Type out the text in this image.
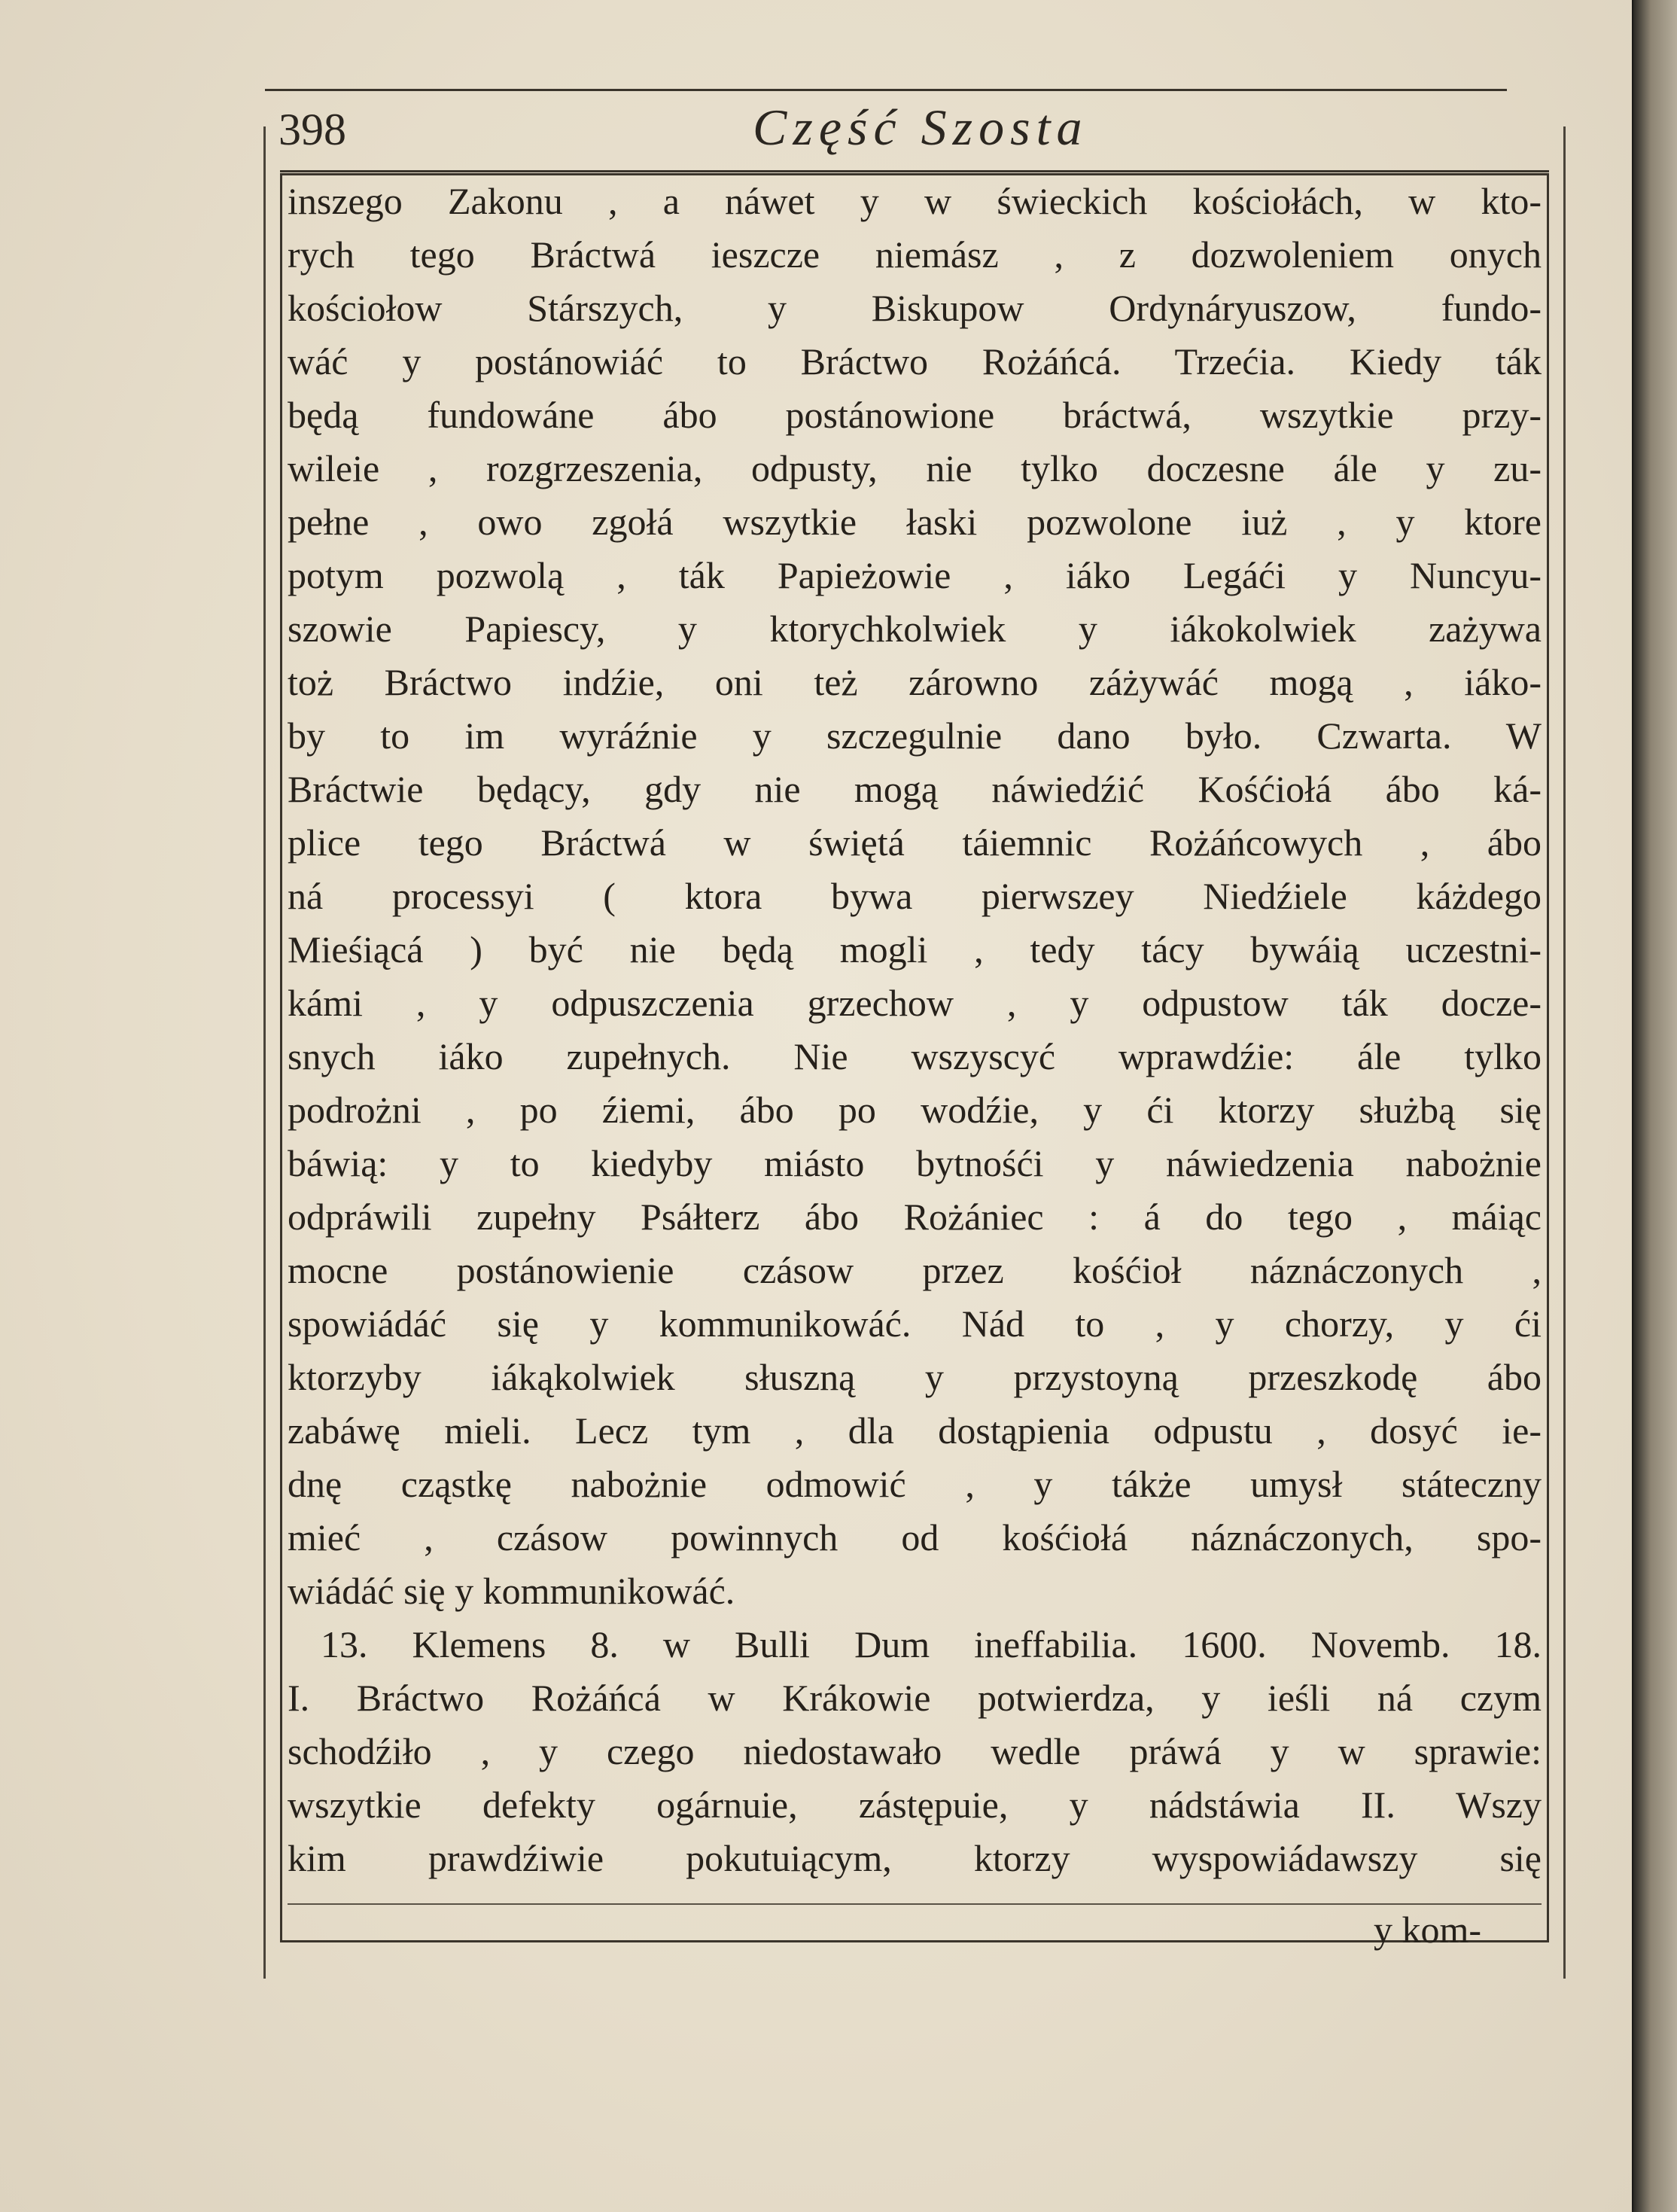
398	Część Szosta
inszego Zakonu , a náwet y w świeckich kościołách, w kto-
rych tego Bráctwá ieszcze niemász , z dozwoleniem onych
kościołow Stárszych, y Biskupow Ordynáryuszow, fundo-
wáć y postánowiáć to Bráctwo Rożáńcá. Trzećia. Kiedy ták
będą fundowáne ábo postánowione bráctwá, wszytkie przy-
wileie , rozgrzeszenia, odpusty, nie tylko doczesne ále y zu-
pełne , owo zgołá wszytkie łaski pozwolone iuż , y ktore
potym pozwolą , ták Papieżowie , iáko Legáći y Nuncyu-
szowie Papiescy, y ktorychkolwiek y iákokolwiek zażywa
toż Bráctwo indźie, oni też zárowno záżywáć mogą , iáko-
by to im wyráźnie y szczegulnie dano było. Czwarta. W
Bráctwie będący, gdy nie mogą náwiedźić Kośćiołá ábo ká-
plice tego Bráctwá w świętá táiemnic Rożáńcowych , ábo
ná processyi ( ktora bywa pierwszey Niedźiele káżdego
Mieśiącá ) być nie będą mogli , tedy tácy bywáią uczestni-
kámi , y odpuszczenia grzechow , y odpustow ták docze-
snych iáko zupełnych. Nie wszyscyć wprawdźie: ále tylko
podrożni , po źiemi, ábo po wodźie, y ći ktorzy służbą się
báwią: y to kiedyby miásto bytnośći y náwiedzenia nabożnie
odpráwili zupełny Psáłterz ábo Rożániec : á do tego , máiąc
mocne postánowienie czásow przez kośćioł náznáczonych ,
spowiádáć się y kommunikowáć. Nád to , y chorzy, y ći
ktorzyby iákąkolwiek słuszną y przystoyną przeszkodę ábo
zabáwę mieli. Lecz tym , dla dostąpienia odpustu , dosyć ie-
dnę cząstkę nabożnie odmowić , y tákże umysł státeczny
mieć , czásow powinnych od kośćiołá náznáczonych, spo-
wiádáć się y kommunikowáć.
13. Klemens 8. w Bulli Dum ineffabilia. 1600. Novemb. 18.
I. Bráctwo Rożáńcá w Krákowie potwierdza, y ieśli ná czym
schodźiło , y czego niedostawało wedle práwá y w sprawie:
wszytkie defekty ogárnuie, zástępuie, y nádstáwia II. Wszy
kim prawdźiwie pokutuiącym, ktorzy wyspowiádawszy się
y kom-
